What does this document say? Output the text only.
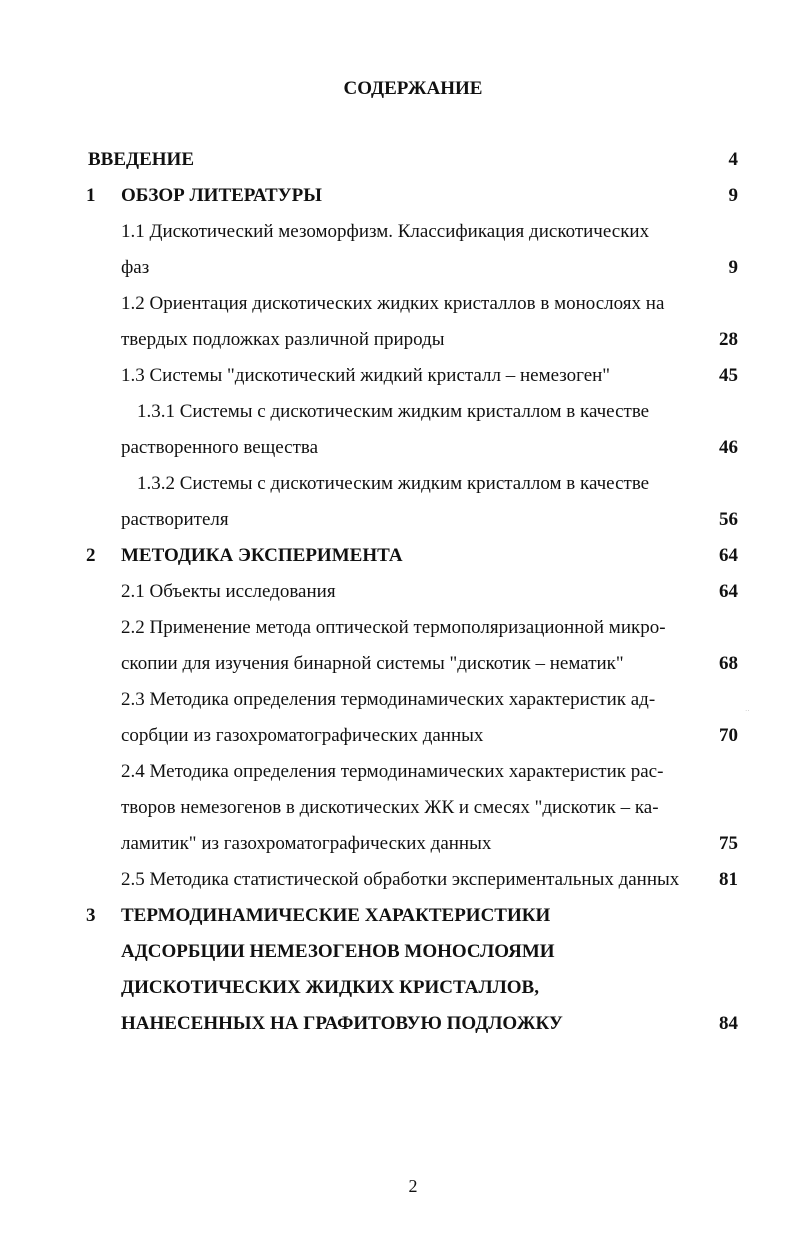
СОДЕРЖАНИЕ
ВВЕДЕНИЕ	4
1 ОБЗОР ЛИТЕРАТУРЫ	9
1.1 Дискотический мезоморфизм. Классификация дискотических
фаз	9
1.2 Ориентация дискотических жидких кристаллов в монослоях на
твердых подложках различной природы	28
1.3 Системы "дискотический жидкий кристалл – немезоген"	45
1.3.1 Системы с дискотическим жидким кристаллом в качестве
растворенного вещества	46
1.3.2 Системы с дискотическим жидким кристаллом в качестве
растворителя	56
2 МЕТОДИКА ЭКСПЕРИМЕНТА	64
2.1 Объекты исследования	64
2.2 Применение метода оптической термополяризационной микро-
скопии для изучения бинарной системы "дискотик – нематик"	68
2.3 Методика определения термодинамических характеристик ад-
сорбции из газохроматографических данных	70
2.4 Методика определения термодинамических характеристик рас-
творов немезогенов в дискотических ЖК и смесях "дискотик – ка-
ламитик" из газохроматографических данных	75
2.5 Методика статистической обработки экспериментальных данных 81
3 ТЕРМОДИНАМИЧЕСКИЕ ХАРАКТЕРИСТИКИ
АДСОРБЦИИ НЕМЕЗОГЕНОВ МОНОСЛОЯМИ
ДИСКОТИЧЕСКИХ ЖИДКИХ КРИСТАЛЛОВ,
НАНЕСЕННЫХ НА ГРАФИТОВУЮ ПОДЛОЖКУ	84
··
2
